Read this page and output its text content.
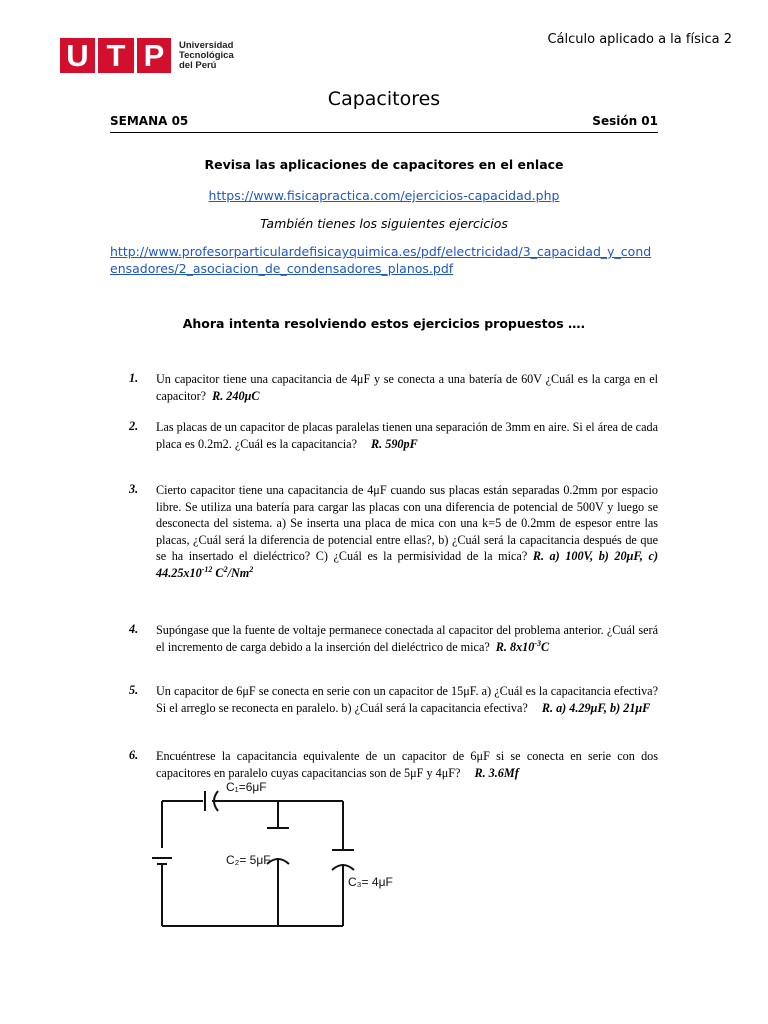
U T P	Universidad
Tecnológica
del Perú
Cálculo aplicado a la física 2
Capacitores
SEMANA 05	Sesión 01
Revisa las aplicaciones de capacitores en el enlace
https://www.fisicapractica.com/ejercicios-capacidad.php
También tienes los siguientes ejercicios
http://www.profesorparticulardefisicayquimica.es/pdf/electricidad/3_capacidad_y_condensadores/2_asociacion_de_condensadores_planos.pdf
Ahora intenta resolviendo estos ejercicios propuestos ….
1. Un capacitor tiene una capacitancia de 4μF y se conecta a una batería de 60V ¿Cuál es la carga en el capacitor? R. 240μC
2. Las placas de un capacitor de placas paralelas tienen una separación de 3mm en aire. Si el área de cada placa es 0.2m2. ¿Cuál es la capacitancia? R. 590pF
3. Cierto capacitor tiene una capacitancia de 4μF cuando sus placas están separadas 0.2mm por espacio libre. Se utiliza una batería para cargar las placas con una diferencia de potencial de 500V y luego se desconecta del sistema. a) Se inserta una placa de mica con una k=5 de 0.2mm de espesor entre las placas, ¿Cuál será la diferencia de potencial entre ellas?, b) ¿Cuál será la capacitancia después de que se ha insertado el dieléctrico? C) ¿Cuál es la permisividad de la mica? R. a) 100V, b) 20μF, c) $44.25x10^{-12}$ $C^2/Nm^2$
4. Supóngase que la fuente de voltaje permanece conectada al capacitor del problema anterior. ¿Cuál será el incremento de carga debido a la inserción del dieléctrico de mica? R. $8x10^{-3}C$
5. Un capacitor de 6μF se conecta en serie con un capacitor de 15μF. a) ¿Cuál es la capacitancia efectiva? Si el arreglo se reconecta en paralelo. b) ¿Cuál será la capacitancia efectiva? R. a) 4.29μF, b) 21μF
6. Encuéntrese la capacitancia equivalente de un capacitor de 6μF si se conecta en serie con dos capacitores en paralelo cuyas capacitancias son de 5μF y 4μF? R. 3.6Mf
C₁=6μF
C₂= 5μF
C₃= 4μF
